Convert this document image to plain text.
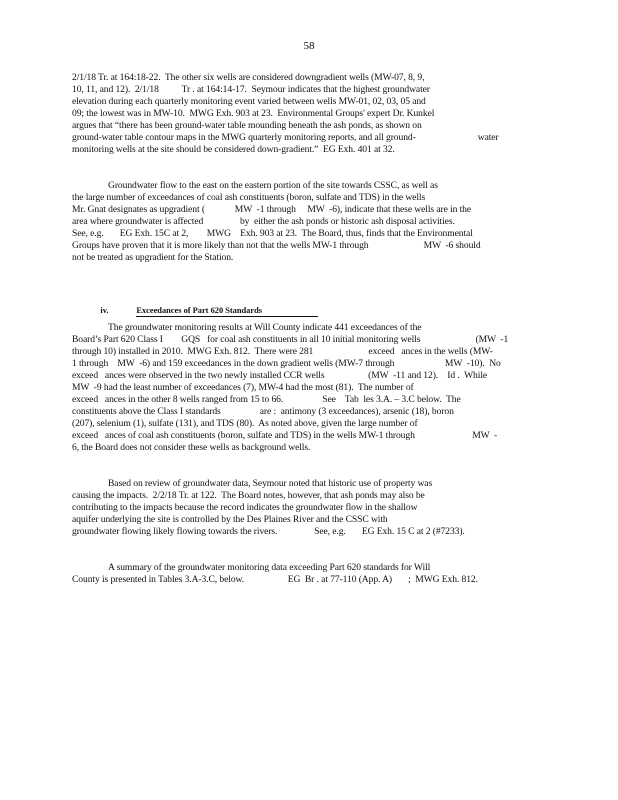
58
2/1/18 Tr. at 164:18-22.  The other six wells are considered downgradient wells (MW-07, 8, 9,
10, 11, and 12).  2/1/18          Tr . at 164:14-17.  Seymour indicates that the highest groundwater
elevation during each quarterly monitoring event varied between wells MW-01, 02, 03, 05 and
09; the lowest was in MW-10.  MWG Exh. 903 at 23.  Environmental Groups' expert Dr. Kunkel
argues that “there has been ground-water table mounding beneath the ash ponds, as shown on
ground-water table contour maps in the MWG quarterly monitoring reports, and all ground-                           water
monitoring wells at the site should be considered down-gradient.”  EG Exh. 401 at 32.
Groundwater flow to the east on the eastern portion of the site towards CSSC, as well as
the large number of exceedances of coal ash constituents (boron, sulfate and TDS) in the wells
Mr. Gnat designates as upgradient (             MW  -1 through     MW  -6), indicate that these wells are in the
area where groundwater is affected                by  either the ash ponds or historic ash disposal activities.
See, e.g.       EG Exh. 15C at 2,        MWG    Exh. 903 at 23.  The Board, thus, finds that the Environmental
Groups have proven that it is more likely than not that the wells MW-1 through                        MW  -6 should
not be treated as upgradient for the Station.

iv.	Exceedances of Part 620 Standards

The groundwater monitoring results at Will County indicate 441 exceedances of the
Board’s Part 620 Class I        GQS   for coal ash constituents in all 10 initial monitoring wells                        (MW  -1
through 10) installed in 2010.  MWG Exh. 812.  There were 281                        exceed   ances in the wells (MW-
1 through    MW  -6) and 159 exceedances in the down gradient wells (MW-7 through                      MW  -10).  No
exceed   ances were observed in the two newly installed CCR wells                   (MW  -11 and 12).    Id .  While
MW  -9 had the least number of exceedances (7), MW-4 had the most (81).  The number of
exceed   ances in the other 8 wells ranged from 15 to 66.                 See    Tab  les 3.A. – 3.C below.  The
constituents above the Class I standards                 are :  antimony (3 exceedances), arsenic (18), boron
(207), selenium (1), sulfate (131), and TDS (80).  As noted above, given the large number of
exceed   ances of coal ash constituents (boron, sulfate and TDS) in the wells MW-1 through                         MW  -
6, the Board does not consider these wells as background wells.
Based on review of groundwater data, Seymour noted that historic use of property was
causing the impacts.  2/2/18 Tr. at 122.  The Board notes, however, that ash ponds may also be
contributing to the impacts because the record indicates the groundwater flow in the shallow
aquifer underlying the site is controlled by the Des Plaines River and the CSSC with
groundwater flowing likely flowing towards the rivers.                See, e.g.       EG Exh. 15 C at 2 (#7233).
A summary of the groundwater monitoring data exceeding Part 620 standards for Will
County is presented in Tables 3.A-3.C, below.                   EG  Br . at 77-110 (App. A)       ;  MWG Exh. 812.
